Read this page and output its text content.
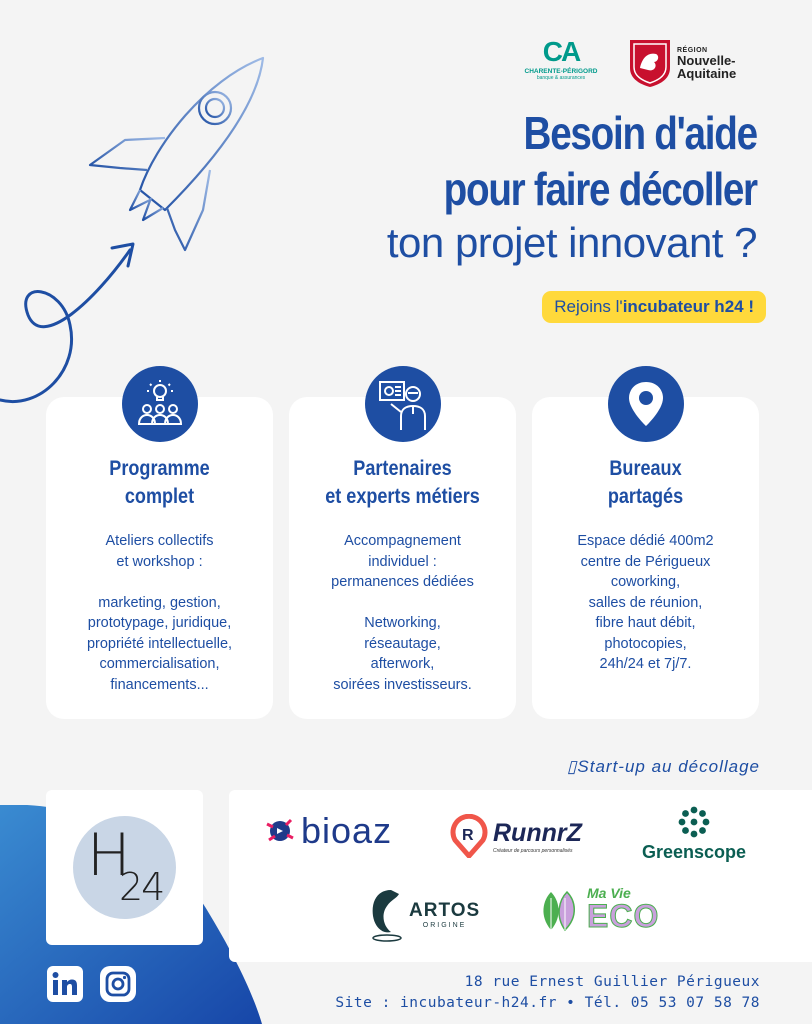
CA
CHARENTE-PÉRIGORD
banque & assurances
RÉGION
Nouvelle-Aquitaine
Besoin d'aide
pour faire décoller
ton projet innovant ?
Rejoins l'incubateur h24 !
Programme
complet
Ateliers collectifs
et workshop :

marketing, gestion,
prototypage, juridique,
propriété intellectuelle,
commercialisation,
financements...
Partenaires
et experts métiers
Accompagnement
individuel :
permanences dédiées

Networking,
réseautage,
afterwork,
soirées investisseurs.
Bureaux
partagés
Espace dédié 400m2
centre de Périgueux
coworking,
salles de réunion,
fibre haut débit,
photocopies,
24h/24 et 7j/7.
▯Start-up au décollage
H
24
bioaz	R RunnrZ
Créateur de parcours personnalisés	Greenscope
ARTOS
ORIGINE
Ma Vie
ECO
18 rue Ernest Guillier Périgueux
Site : incubateur-h24.fr • Tél. 05 53 07 58 78
